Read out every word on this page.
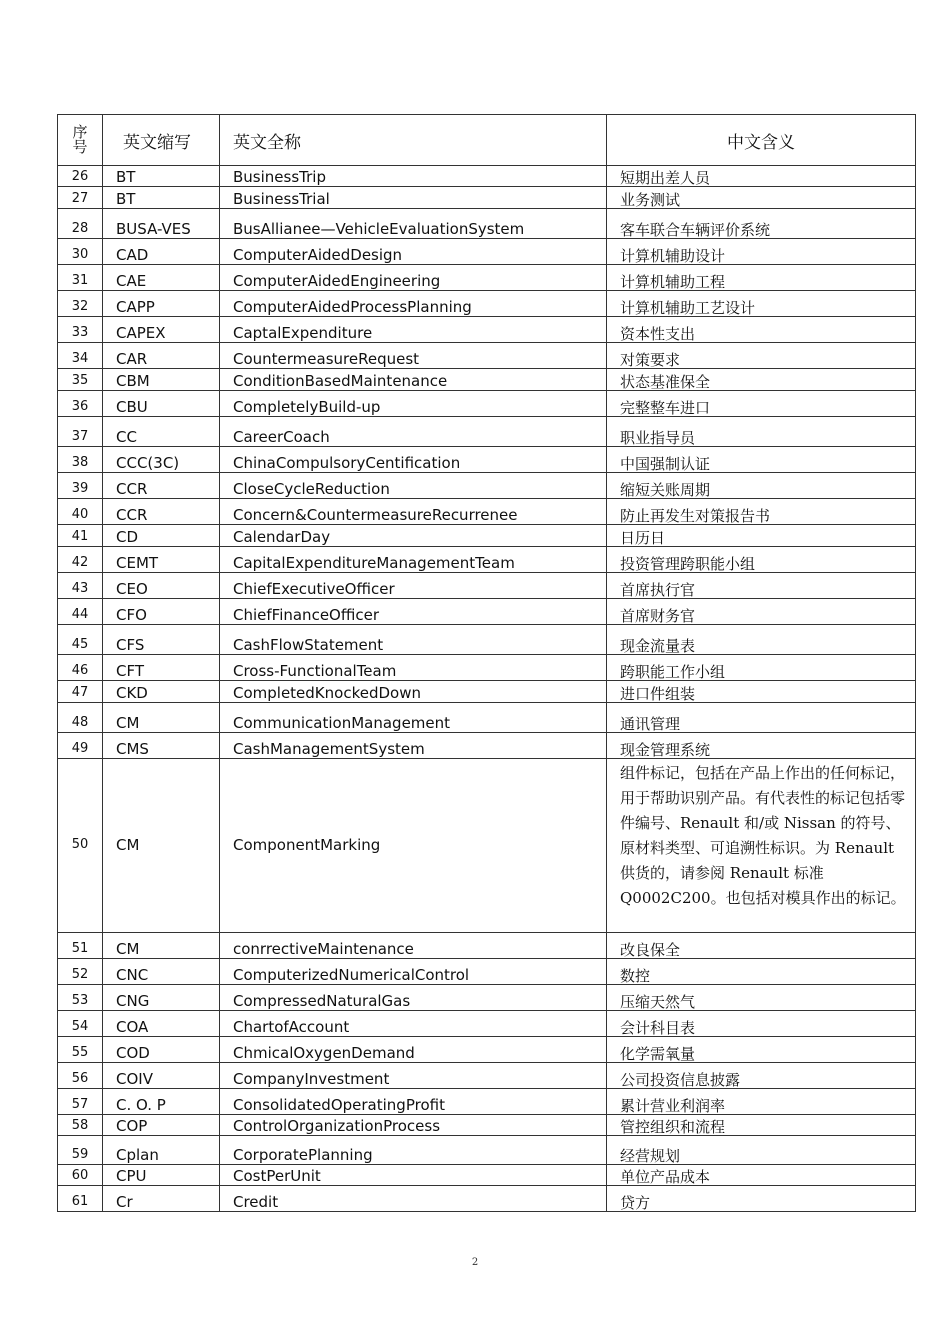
序
号	英文缩写	英文全称	中文含义
26	BT	BusinessTrip	短期出差人员
27	BT	BusinessTrial	业务测试
28	BUSA-VES	BusAllianee—VehicleEvaluationSystem	客车联合车辆评价系统
30	CAD	ComputerAidedDesign	计算机辅助设计
31	CAE	ComputerAidedEngineering	计算机辅助工程
32	CAPP	ComputerAidedProcessPlanning	计算机辅助工艺设计
33	CAPEX	CaptalExpenditure	资本性支出
34	CAR	CountermeasureRequest	对策要求
35	CBM	ConditionBasedMaintenance	状态基准保全
36	CBU	CompletelyBuild-up	完整整车进口
37	CC	CareerCoach	职业指导员
38	CCC(3C)	ChinaCompulsoryCentification	中国强制认证
39	CCR	CloseCycleReduction	缩短关账周期
40	CCR	Concern&CountermeasureRecurrenee	防止再发生对策报告书
41	CD	CalendarDay	日历日
42	CEMT	CapitalExpenditureManagementTeam	投资管理跨职能小组
43	CEO	ChiefExecutiveOfficer	首席执行官
44	CFO	ChiefFinanceOfficer	首席财务官
45	CFS	CashFlowStatement	现金流量表
46	CFT	Cross-FunctionalTeam	跨职能工作小组
47	CKD	CompletedKnockedDown	进口件组装
48	CM	CommunicationManagement	通讯管理
49	CMS	CashManagementSystem	现金管理系统
50	CM	ComponentMarking	组件标记，包括在产品上作出的任何标记，用于帮助识别产品。有代表性的标记包括零件编号、Renault 和/或 Nissan 的符号、原材料类型、可追溯性标识。为 Renault 供货的，请参阅 Renault 标准 Q0002C200。也包括对模具作出的标记。
51	CM	conrrectiveMaintenance	改良保全
52	CNC	ComputerizedNumericalControl	数控
53	CNG	CompressedNaturalGas	压缩天然气
54	COA	ChartofAccount	会计科目表
55	COD	ChmicalOxygenDemand	化学需氧量
56	COIV	CompanyInvestment	公司投资信息披露
57	C. O. P	ConsolidatedOperatingProfit	累计营业利润率
58	COP	ControlOrganizationProcess	管控组织和流程
59	Cplan	CorporatePlanning	经营规划
60	CPU	CostPerUnit	单位产品成本
61	Cr	Credit	贷方
2
